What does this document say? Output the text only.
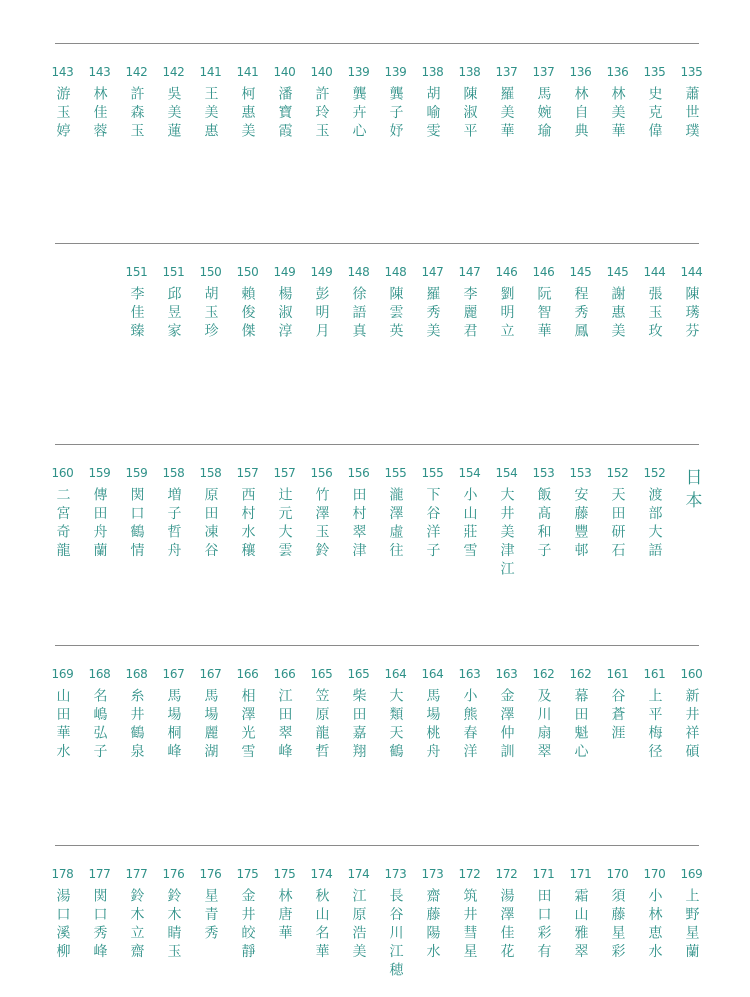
135
蕭世璞
135
史克偉
136
林美華
136
林自典
137
馬婉瑜
137
羅美華
138
陳淑平
138
胡喻雯
139
龔子妤
139
龔卉心
140
許玲玉
140
潘寶霞
141
柯惠美
141
王美惠
142
吳美蓮
142
許森玉
143
林佳蓉
143
游玉婷
144
陳璓芬
144
張玉玫
145
謝惠美
145
程秀鳳
146
阮智華
146
劉明立
147
李麗君
147
羅秀美
148
陳雲英
148
徐語真
149
彭明月
149
楊淑淳
150
賴俊傑
150
胡玉珍
151
邱昱家
151
李佳臻
日本
152
渡部大語
152
天田研石
153
安藤豐邨
153
飯髙和子
154
大井美津江
154
小山莊雪
155
下谷洋子
155
瀧澤虛往
156
田村翠津
156
竹澤玉鈴
157
辻元大雲
157
西村水穰
158
原田凍谷
158
増子哲舟
159
関口鶴情
159
傳田舟蘭
160
二宮奇龍
160
新井祥碩
161
上平梅径
161
谷蒼涯
162
幕田魁心
162
及川扇翠
163
金澤仲訓
163
小熊春洋
164
馬場桃舟
164
大類天鶴
165
柴田嘉翔
165
笠原龍哲
166
江田翠峰
166
相澤光雪
167
馬場麗湖
167
馬場桐峰
168
糸井鶴泉
168
名嶋弘子
169
山田華水
169
上野星蘭
170
小林恵水
170
須藤星彩
171
霜山雅翠
171
田口彩有
172
湯澤佳花
172
筑井彗星
173
齋藤陽水
173
長谷川江穂
174
江原浩美
174
秋山名華
175
林唐華
175
金井皎靜
176
星青秀
176
鈴木睛玉
177
鈴木立齋
177
関口秀峰
178
湯口溪柳
